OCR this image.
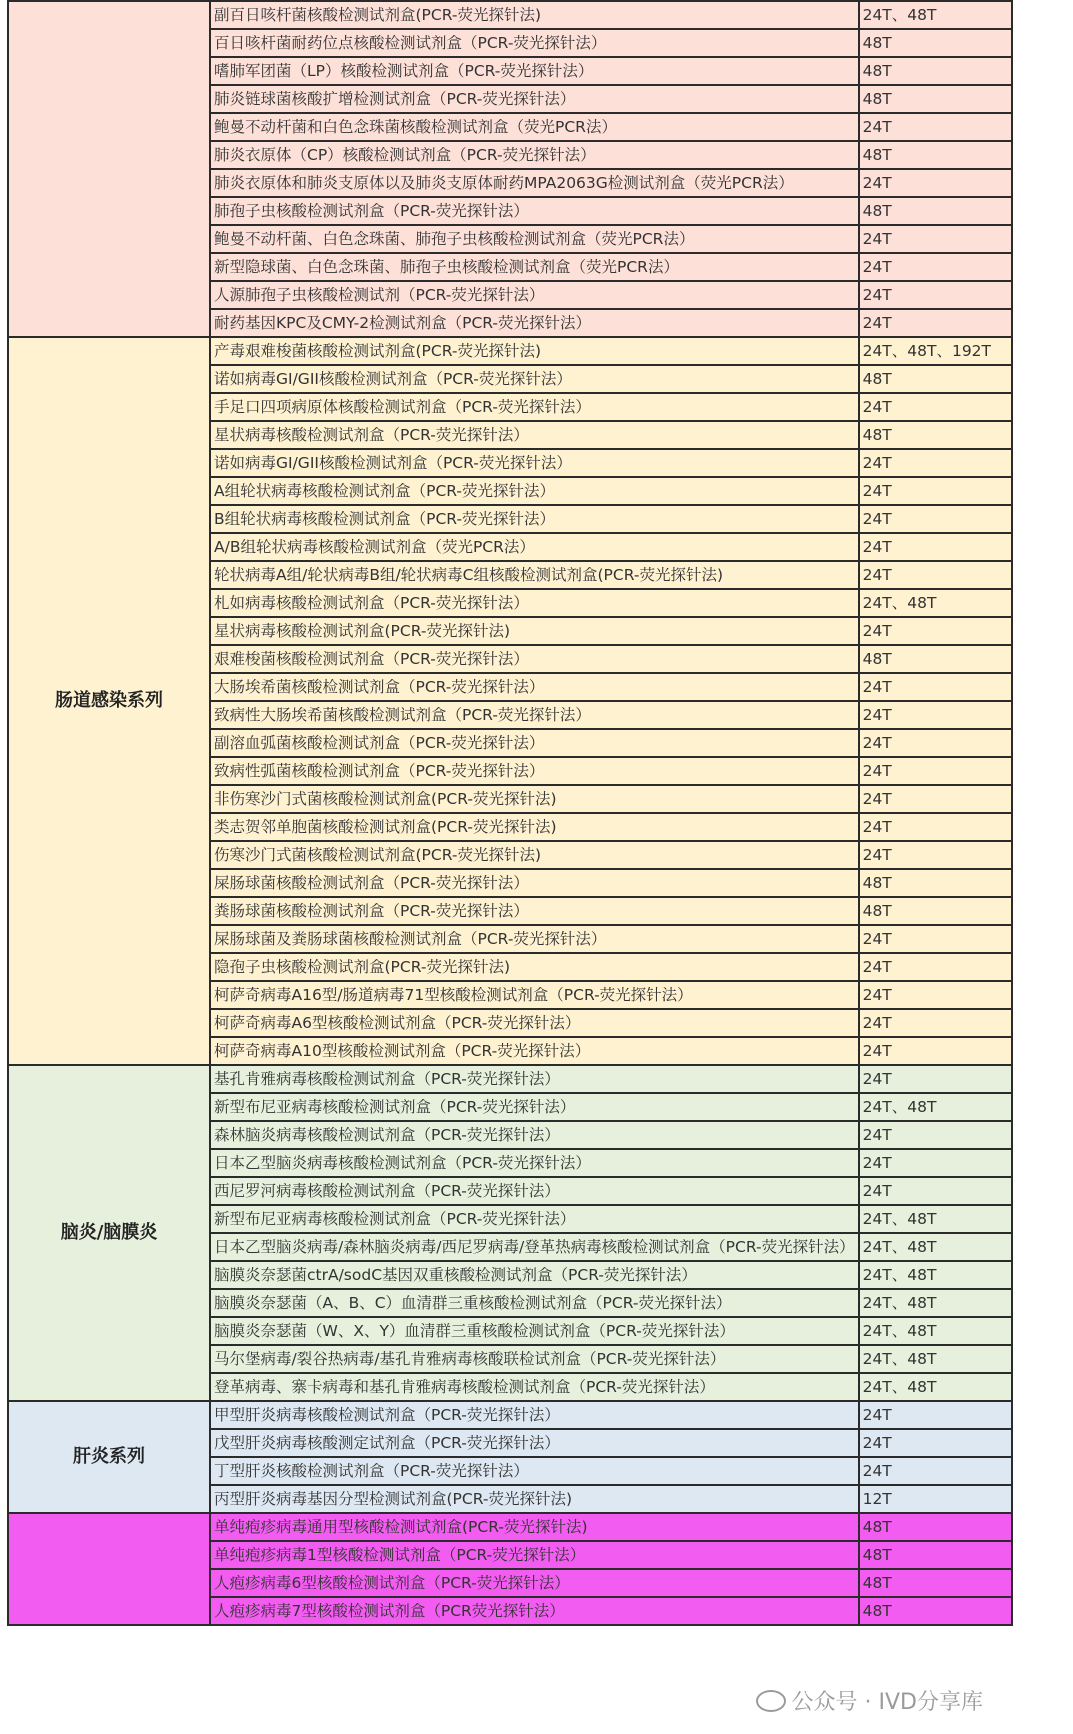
	副百日咳杆菌核酸检测试剂盒(PCR-荧光探针法)	24T、48T
	百日咳杆菌耐药位点核酸检测试剂盒（PCR-荧光探针法）	48T
	嗜肺军团菌（LP）核酸检测试剂盒（PCR-荧光探针法）	48T
	肺炎链球菌核酸扩增检测试剂盒（PCR-荧光探针法）	48T
	鲍曼不动杆菌和白色念珠菌核酸检测试剂盒（荧光PCR法）	24T
	肺炎衣原体（CP）核酸检测试剂盒（PCR-荧光探针法）	48T
	肺炎衣原体和肺炎支原体以及肺炎支原体耐药MPA2063G检测试剂盒（荧光PCR法）	24T
	肺孢子虫核酸检测试剂盒（PCR-荧光探针法）	48T
	鲍曼不动杆菌、白色念珠菌、肺孢子虫核酸检测试剂盒（荧光PCR法）	24T
	新型隐球菌、白色念珠菌、肺孢子虫核酸检测试剂盒（荧光PCR法）	24T
	人源肺孢子虫核酸检测试剂（PCR-荧光探针法）	24T
	耐药基因KPC及CMY-2检测试剂盒（PCR-荧光探针法）	24T
肠道感染系列	产毒艰难梭菌核酸检测试剂盒(PCR-荧光探针法)	24T、48T、192T
	诺如病毒GI/GII核酸检测试剂盒（PCR-荧光探针法）	48T
	手足口四项病原体核酸检测试剂盒（PCR-荧光探针法）	24T
	星状病毒核酸检测试剂盒（PCR-荧光探针法）	48T
	诺如病毒GI/GII核酸检测试剂盒（PCR-荧光探针法）	24T
	A组轮状病毒核酸检测试剂盒（PCR-荧光探针法）	24T
	B组轮状病毒核酸检测试剂盒（PCR-荧光探针法）	24T
	A/B组轮状病毒核酸检测试剂盒（荧光PCR法）	24T
	轮状病毒A组/轮状病毒B组/轮状病毒C组核酸检测试剂盒(PCR-荧光探针法)	24T
	札如病毒核酸检测试剂盒（PCR-荧光探针法）	24T、48T
	星状病毒核酸检测试剂盒(PCR-荧光探针法)	24T
	艰难梭菌核酸检测试剂盒（PCR-荧光探针法）	48T
	大肠埃希菌核酸检测试剂盒（PCR-荧光探针法）	24T
	致病性大肠埃希菌核酸检测试剂盒（PCR-荧光探针法）	24T
	副溶血弧菌核酸检测试剂盒（PCR-荧光探针法）	24T
	致病性弧菌核酸检测试剂盒（PCR-荧光探针法）	24T
	非伤寒沙门式菌核酸检测试剂盒(PCR-荧光探针法)	24T
	类志贺邻单胞菌核酸检测试剂盒(PCR-荧光探针法)	24T
	伤寒沙门式菌核酸检测试剂盒(PCR-荧光探针法)	24T
	屎肠球菌核酸检测试剂盒（PCR-荧光探针法）	48T
	粪肠球菌核酸检测试剂盒（PCR-荧光探针法）	48T
	屎肠球菌及粪肠球菌核酸检测试剂盒（PCR-荧光探针法）	24T
	隐孢子虫核酸检测试剂盒(PCR-荧光探针法)	24T
	柯萨奇病毒A16型/肠道病毒71型核酸检测试剂盒（PCR-荧光探针法）	24T
	柯萨奇病毒A6型核酸检测试剂盒（PCR-荧光探针法）	24T
	柯萨奇病毒A10型核酸检测试剂盒（PCR-荧光探针法）	24T
脑炎/脑膜炎	基孔肯雅病毒核酸检测试剂盒（PCR-荧光探针法）	24T
	新型布尼亚病毒核酸检测试剂盒（PCR-荧光探针法）	24T、48T
	森林脑炎病毒核酸检测试剂盒（PCR-荧光探针法）	24T
	日本乙型脑炎病毒核酸检测试剂盒（PCR-荧光探针法）	24T
	西尼罗河病毒核酸检测试剂盒（PCR-荧光探针法）	24T
	新型布尼亚病毒核酸检测试剂盒（PCR-荧光探针法）	24T、48T
	日本乙型脑炎病毒/森林脑炎病毒/西尼罗病毒/登革热病毒核酸检测试剂盒（PCR-荧光探针法）	24T、48T
	脑膜炎奈瑟菌ctrA/sodC基因双重核酸检测试剂盒（PCR-荧光探针法）	24T、48T
	脑膜炎奈瑟菌（A、B、C）血清群三重核酸检测试剂盒（PCR-荧光探针法）	24T、48T
	脑膜炎奈瑟菌（W、X、Y）血清群三重核酸检测试剂盒（PCR-荧光探针法）	24T、48T
	马尔堡病毒/裂谷热病毒/基孔肯雅病毒核酸联检试剂盒（PCR-荧光探针法）	24T、48T
	登革病毒、寨卡病毒和基孔肯雅病毒核酸检测试剂盒（PCR-荧光探针法）	24T、48T
肝炎系列	甲型肝炎病毒核酸检测试剂盒（PCR-荧光探针法）	24T
	戊型肝炎病毒核酸测定试剂盒（PCR-荧光探针法）	24T
	丁型肝炎核酸检测试剂盒（PCR-荧光探针法）	24T
	丙型肝炎病毒基因分型检测试剂盒(PCR-荧光探针法)	12T
	单纯疱疹病毒通用型核酸检测试剂盒(PCR-荧光探针法)	48T
	单纯疱疹病毒1型核酸检测试剂盒（PCR-荧光探针法）	48T
	人疱疹病毒6型核酸检测试剂盒（PCR-荧光探针法）	48T
	人疱疹病毒7型核酸检测试剂盒（PCR荧光探针法）	48T
公众号 · IVD分享库
